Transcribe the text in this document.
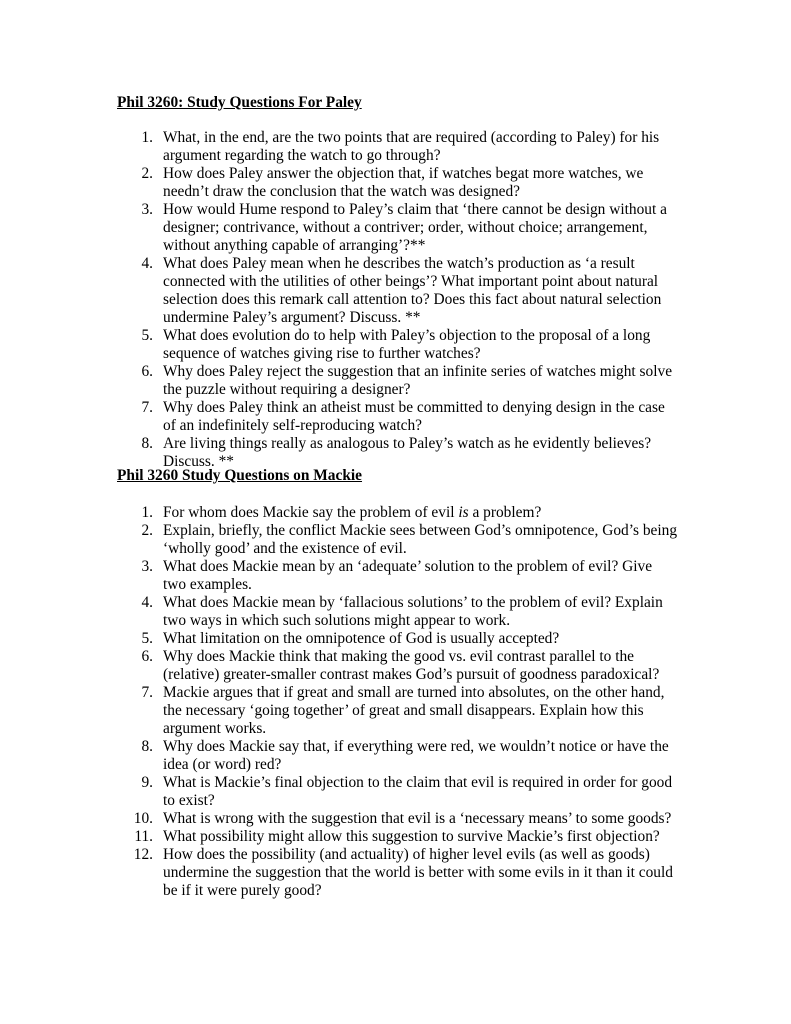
Phil 3260: Study Questions For Paley
1. What, in the end, are the two points that are required (according to Paley) for his argument regarding the watch to go through?
2. How does Paley answer the objection that, if watches begat more watches, we needn’t draw the conclusion that the watch was designed?
3. How would Hume respond to Paley’s claim that ‘there cannot be design without a designer; contrivance, without a contriver; order, without choice; arrangement, without anything capable of arranging’?**
4. What does Paley mean when he describes the watch’s production as ‘a result connected with the utilities of other beings’? What important point about natural selection does this remark call attention to? Does this fact about natural selection undermine Paley’s argument? Discuss. **
5. What does evolution do to help with Paley’s objection to the proposal of a long sequence of watches giving rise to further watches?
6. Why does Paley reject the suggestion that an infinite series of watches might solve the puzzle without requiring a designer?
7. Why does Paley think an atheist must be committed to denying design in the case of an indefinitely self-reproducing watch?
8. Are living things really as analogous to Paley’s watch as he evidently believes? Discuss. **
Phil 3260 Study Questions on Mackie
1. For whom does Mackie say the problem of evil is a problem?
2. Explain, briefly, the conflict Mackie sees between God’s omnipotence, God’s being ‘wholly good’ and the existence of evil.
3. What does Mackie mean by an ‘adequate’ solution to the problem of evil? Give two examples.
4. What does Mackie mean by ‘fallacious solutions’ to the problem of evil? Explain two ways in which such solutions might appear to work.
5. What limitation on the omnipotence of God is usually accepted?
6. Why does Mackie think that making the good vs. evil contrast parallel to the (relative) greater-smaller contrast makes God’s pursuit of goodness paradoxical?
7. Mackie argues that if great and small are turned into absolutes, on the other hand, the necessary ‘going together’ of great and small disappears. Explain how this argument works.
8. Why does Mackie say that, if everything were red, we wouldn’t notice or have the idea (or word) red?
9. What is Mackie’s final objection to the claim that evil is required in order for good to exist?
10. What is wrong with the suggestion that evil is a ‘necessary means’ to some goods?
11. What possibility might allow this suggestion to survive Mackie’s first objection?
12. How does the possibility (and actuality) of higher level evils (as well as goods) undermine the suggestion that the world is better with some evils in it than it could be if it were purely good?
